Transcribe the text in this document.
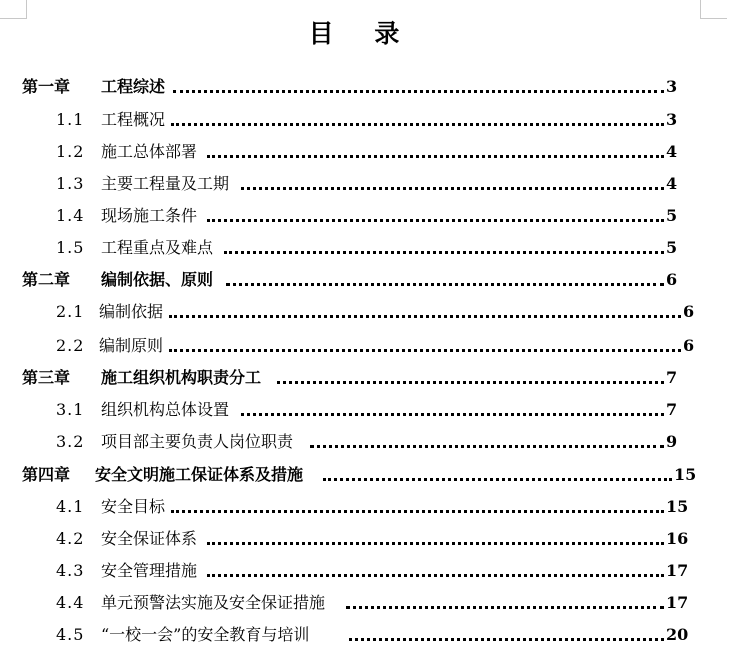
目 录
第一章 工程综述	3
1.1 工程概况	3
1.2 施工总体部署	4
1.3 主要工程量及工期	4
1.4 现场施工条件	5
1.5 工程重点及难点	5
第二章 编制依据、原则	6
2.1 编制依据	6
2.2 编制原则	6
第三章 施工组织机构职责分工	7
3.1 组织机构总体设置	7
3.2 项目部主要负责人岗位职责	9
第四章 安全文明施工保证体系及措施	15
4.1 安全目标	15
4.2 安全保证体系	16
4.3 安全管理措施	17
4.4 单元预警法实施及安全保证措施	17
4.5 “一校一会”的安全教育与培训	20
